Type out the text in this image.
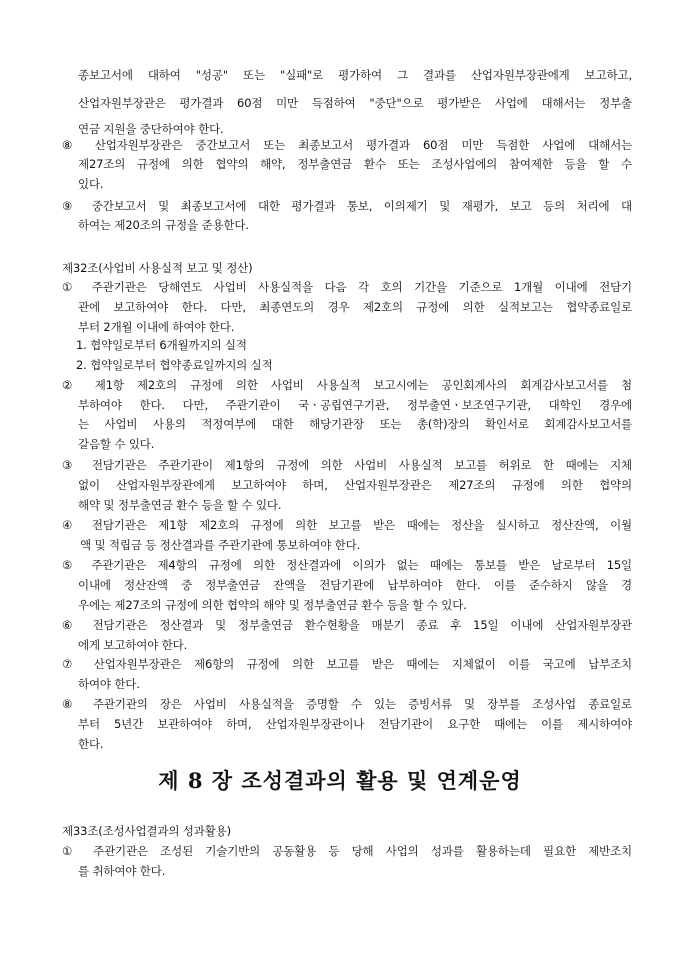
종보고서에 대하여 "성공" 또는 "실패"로 평가하여 그 결과를 산업자원부장관에게 보고하고,
산업자원부장관은 평가결과 60점 미만 득점하여 "중단"으로 평가받은 사업에 대해서는 정부출
연금 지원을 중단하여야 한다.
⑧ 산업자원부장관은 중간보고서 또는 최종보고서 평가결과 60점 미만 득점한 사업에 대해서는
제27조의 규정에 의한 협약의 해약, 정부출연금 환수 또는 조성사업에의 참여제한 등을 할 수
있다.
⑨ 중간보고서 및 최종보고서에 대한 평가결과 통보, 이의제기 및 재평가, 보고 등의 처리에 대
하여는 제20조의 규정을 준용한다.
제32조(사업비 사용실적 보고 및 정산)
① 주관기관은 당해연도 사업비 사용실적을 다음 각 호의 기간을 기준으로 1개월 이내에 전담기
관에 보고하여야 한다. 다만, 최종연도의 경우 제2호의 규정에 의한 실적보고는 협약종료일로
부터 2개월 이내에 하여야 한다.
1. 협약일로부터 6개월까지의 실적
2. 협약일로부터 협약종료일까지의 실적
② 제1항 제2호의 규정에 의한 사업비 사용실적 보고시에는 공인회계사의 회계감사보고서를 첨
부하여야 한다. 다만, 주관기관이 국ㆍ공립연구기관, 정부출연ㆍ보조연구기관, 대학인 경우에
는 사업비 사용의 적정여부에 대한 해당기관장 또는 총(학)장의 확인서로 회계감사보고서를
갈음할 수 있다.
③ 전담기관은 주관기관이 제1항의 규정에 의한 사업비 사용실적 보고를 허위로 한 때에는 지체
없이 산업자원부장관에게 보고하여야 하며, 산업자원부장관은 제27조의 규정에 의한 협약의
해약 및 정부출연금 환수 등을 할 수 있다.
④ 전담기관은 제1항 제2호의 규정에 의한 보고를 받은 때에는 정산을 실시하고 정산잔액, 이월
액 및 적립금 등 정산결과를 주관기관에 통보하여야 한다.
⑤ 주관기관은 제4항의 규정에 의한 정산결과에 이의가 없는 때에는 통보를 받은 날로부터 15일
이내에 정산잔액 중 정부출연금 잔액을 전담기관에 납부하여야 한다. 이를 준수하지 않을 경
우에는 제27조의 규정에 의한 협약의 해약 및 정부출연금 환수 등을 할 수 있다.
⑥ 전담기관은 정산결과 및 정부출연금 환수현황을 매분기 종료 후 15일 이내에 산업자원부장관
에게 보고하여야 한다.
⑦ 산업자원부장관은 제6항의 규정에 의한 보고를 받은 때에는 지체없이 이를 국고에 납부조치
하여야 한다.
⑧ 주관기관의 장은 사업비 사용실적을 증명할 수 있는 증빙서류 및 장부를 조성사업 종료일로
부터 5년간 보관하여야 하며, 산업자원부장관이나 전담기관이 요구한 때에는 이를 제시하여야
한다.
제 8 장 조성결과의 활용 및 연계운영
제33조(조성사업결과의 성과활용)
① 주관기관은 조성된 기술기반의 공동활용 등 당해 사업의 성과를 활용하는데 필요한 제반조치
를 취하여야 한다.
